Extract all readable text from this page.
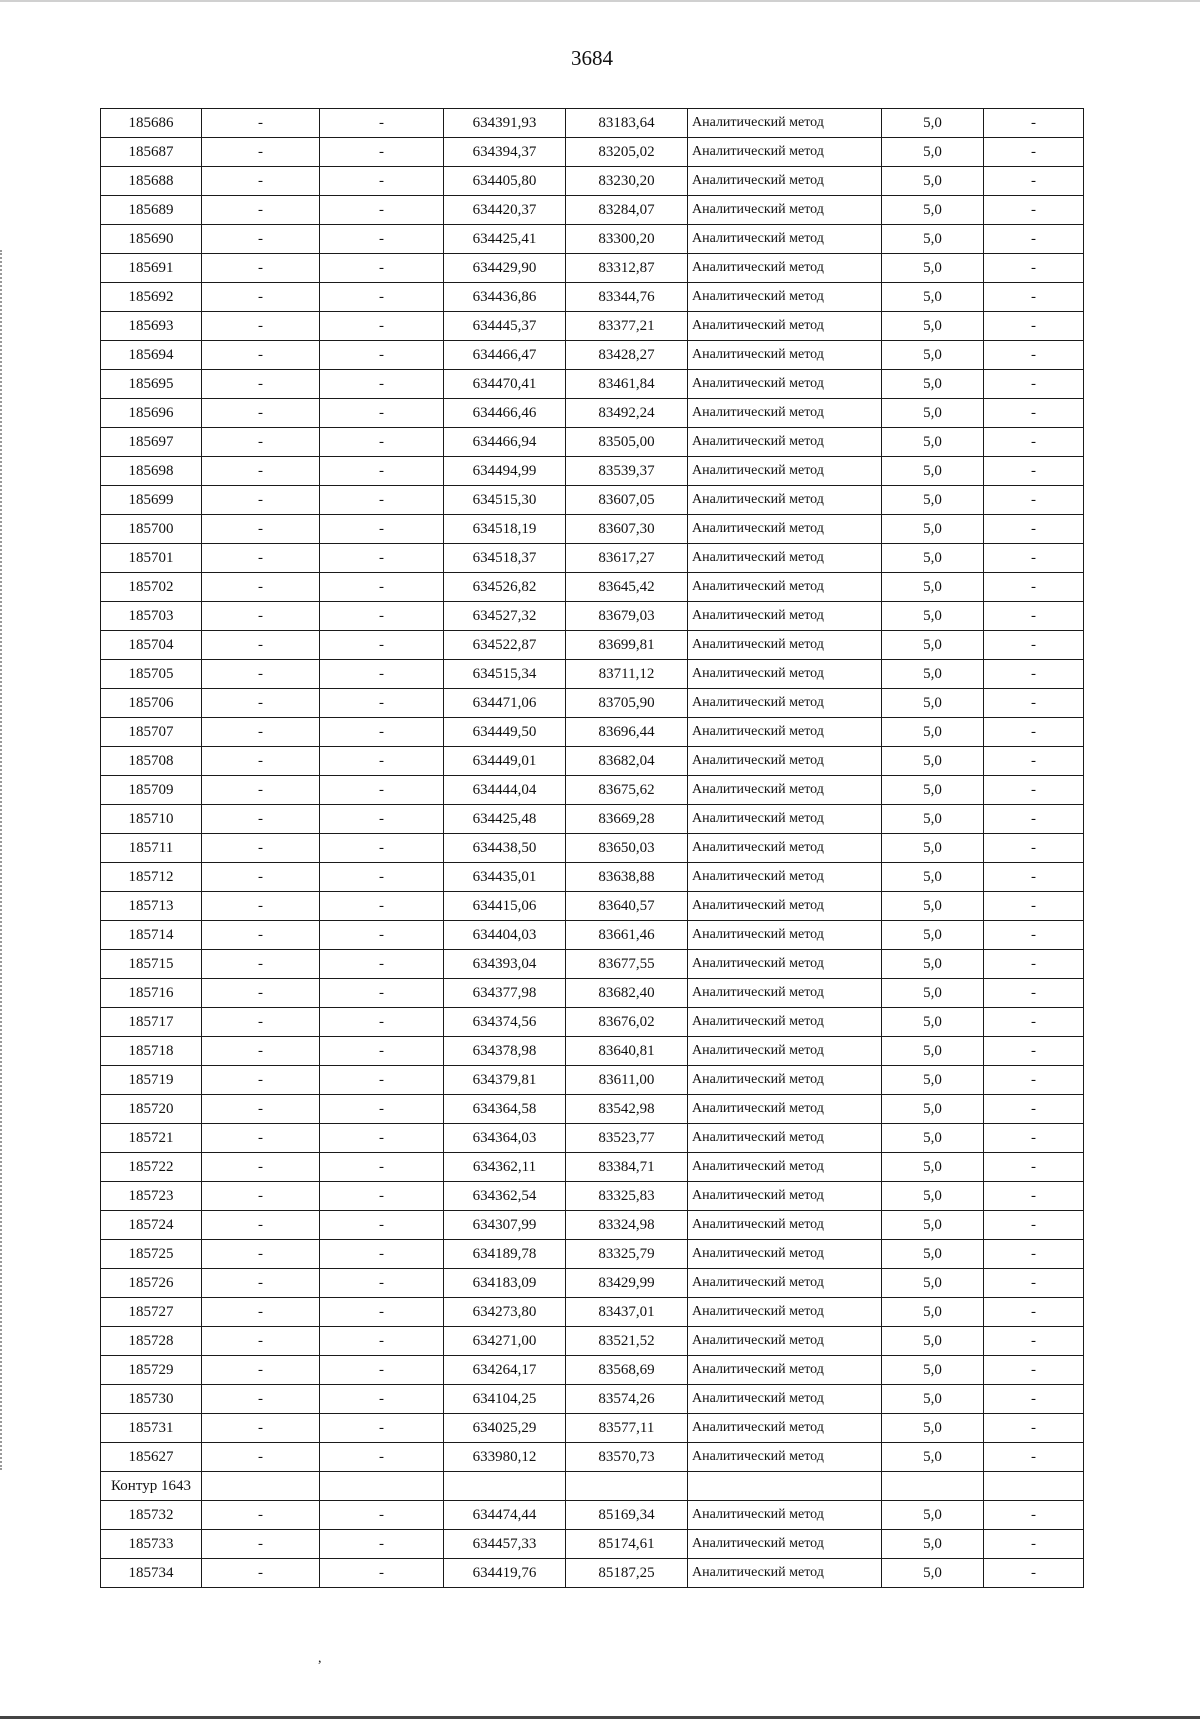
3684
185686	-	-	634391,93	83183,64	Аналитический метод	5,0	-
185687	-	-	634394,37	83205,02	Аналитический метод	5,0	-
185688	-	-	634405,80	83230,20	Аналитический метод	5,0	-
185689	-	-	634420,37	83284,07	Аналитический метод	5,0	-
185690	-	-	634425,41	83300,20	Аналитический метод	5,0	-
185691	-	-	634429,90	83312,87	Аналитический метод	5,0	-
185692	-	-	634436,86	83344,76	Аналитический метод	5,0	-
185693	-	-	634445,37	83377,21	Аналитический метод	5,0	-
185694	-	-	634466,47	83428,27	Аналитический метод	5,0	-
185695	-	-	634470,41	83461,84	Аналитический метод	5,0	-
185696	-	-	634466,46	83492,24	Аналитический метод	5,0	-
185697	-	-	634466,94	83505,00	Аналитический метод	5,0	-
185698	-	-	634494,99	83539,37	Аналитический метод	5,0	-
185699	-	-	634515,30	83607,05	Аналитический метод	5,0	-
185700	-	-	634518,19	83607,30	Аналитический метод	5,0	-
185701	-	-	634518,37	83617,27	Аналитический метод	5,0	-
185702	-	-	634526,82	83645,42	Аналитический метод	5,0	-
185703	-	-	634527,32	83679,03	Аналитический метод	5,0	-
185704	-	-	634522,87	83699,81	Аналитический метод	5,0	-
185705	-	-	634515,34	83711,12	Аналитический метод	5,0	-
185706	-	-	634471,06	83705,90	Аналитический метод	5,0	-
185707	-	-	634449,50	83696,44	Аналитический метод	5,0	-
185708	-	-	634449,01	83682,04	Аналитический метод	5,0	-
185709	-	-	634444,04	83675,62	Аналитический метод	5,0	-
185710	-	-	634425,48	83669,28	Аналитический метод	5,0	-
185711	-	-	634438,50	83650,03	Аналитический метод	5,0	-
185712	-	-	634435,01	83638,88	Аналитический метод	5,0	-
185713	-	-	634415,06	83640,57	Аналитический метод	5,0	-
185714	-	-	634404,03	83661,46	Аналитический метод	5,0	-
185715	-	-	634393,04	83677,55	Аналитический метод	5,0	-
185716	-	-	634377,98	83682,40	Аналитический метод	5,0	-
185717	-	-	634374,56	83676,02	Аналитический метод	5,0	-
185718	-	-	634378,98	83640,81	Аналитический метод	5,0	-
185719	-	-	634379,81	83611,00	Аналитический метод	5,0	-
185720	-	-	634364,58	83542,98	Аналитический метод	5,0	-
185721	-	-	634364,03	83523,77	Аналитический метод	5,0	-
185722	-	-	634362,11	83384,71	Аналитический метод	5,0	-
185723	-	-	634362,54	83325,83	Аналитический метод	5,0	-
185724	-	-	634307,99	83324,98	Аналитический метод	5,0	-
185725	-	-	634189,78	83325,79	Аналитический метод	5,0	-
185726	-	-	634183,09	83429,99	Аналитический метод	5,0	-
185727	-	-	634273,80	83437,01	Аналитический метод	5,0	-
185728	-	-	634271,00	83521,52	Аналитический метод	5,0	-
185729	-	-	634264,17	83568,69	Аналитический метод	5,0	-
185730	-	-	634104,25	83574,26	Аналитический метод	5,0	-
185731	-	-	634025,29	83577,11	Аналитический метод	5,0	-
185627	-	-	633980,12	83570,73	Аналитический метод	5,0	-
Контур 1643							
185732	-	-	634474,44	85169,34	Аналитический метод	5,0	-
185733	-	-	634457,33	85174,61	Аналитический метод	5,0	-
185734	-	-	634419,76	85187,25	Аналитический метод	5,0	-
,
